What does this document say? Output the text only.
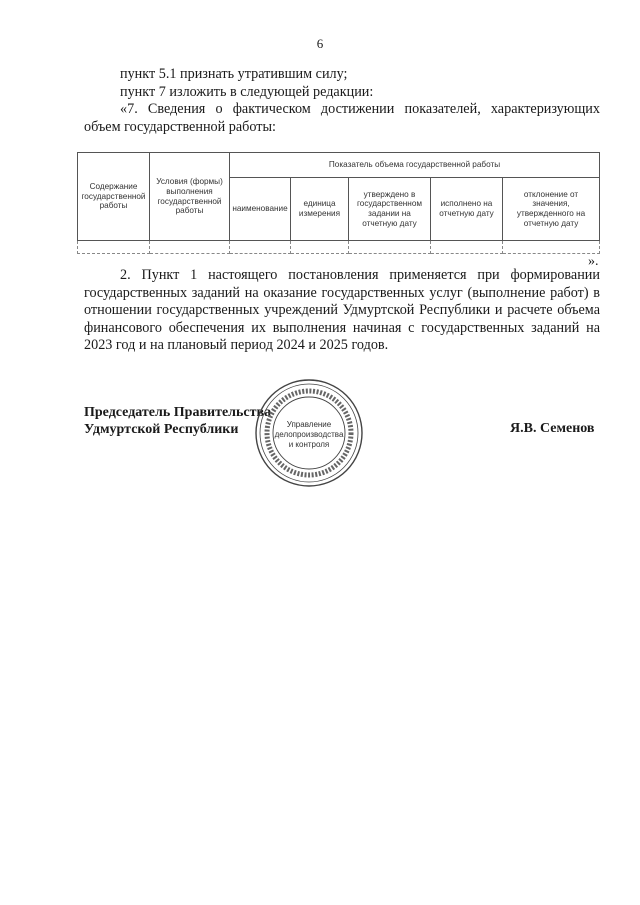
6
пункт 5.1 признать утратившим силу;
пункт 7 изложить в следующей редакции:
«7. Сведения о фактическом достижении показателей, характеризующих объем государственной работы:
Содержание государственной работы	Условия (формы) выполнения государственной работы	Показатель объема государственной работы				
		наименование	единица измерения	утверждено в государственном задании на отчетную дату	исполнено на отчетную дату	отклонение от значения, утвержденного на отчетную дату

».
2. Пункт 1 настоящего постановления применяется при формировании государственных заданий на оказание государственных услуг (выполнение работ) в отношении государственных учреждений Удмуртской Республики и расчете объема финансового обеспечения их выполнения начиная с государственных заданий на 2023 год и на плановый период 2024 и 2025 годов.
Председатель Правительства
Удмуртской Республики	Управление
делопроизводства
и контроля
Я.В. Семенов
